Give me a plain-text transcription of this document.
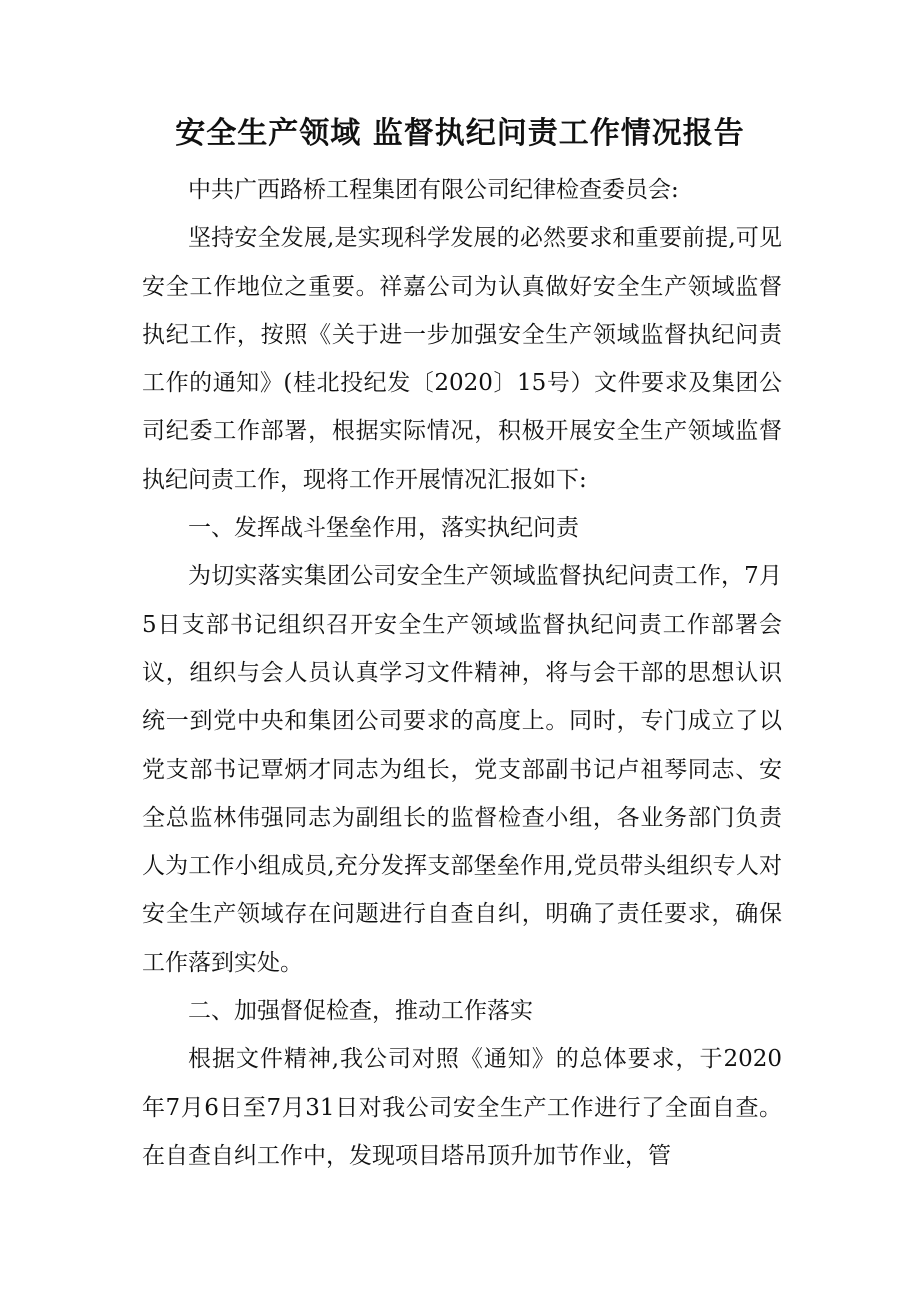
安全生产领域 监督执纪问责工作情况报告

中共广西路桥工程集团有限公司纪律检查委员会:

坚持安全发展,是实现科学发展的必然要求和重要前提,可见安全工作地位之重要。祥嘉公司为认真做好安全生产领域监督执纪工作，按照《关于进一步加强安全生产领域监督执纪问责工作的通知》(桂北投纪发〔2020〕15号）文件要求及集团公司纪委工作部署，根据实际情况，积极开展安全生产领域监督执纪问责工作，现将工作开展情况汇报如下:

一、发挥战斗堡垒作用，落实执纪问责

为切实落实集团公司安全生产领域监督执纪问责工作，7月5日支部书记组织召开安全生产领域监督执纪问责工作部署会议，组织与会人员认真学习文件精神，将与会干部的思想认识统一到党中央和集团公司要求的高度上。同时，专门成立了以党支部书记覃炳才同志为组长，党支部副书记卢祖琴同志、安全总监林伟强同志为副组长的监督检查小组，各业务部门负责人为工作小组成员,充分发挥支部堡垒作用,党员带头组织专人对安全生产领域存在问题进行自查自纠，明确了责任要求，确保工作落到实处。

二、加强督促检查，推动工作落实

根据文件精神,我公司对照《通知》的总体要求，于2020年7月6日至7月31日对我公司安全生产工作进行了全面自查。在自查自纠工作中，发现项目塔吊顶升加节作业，管
